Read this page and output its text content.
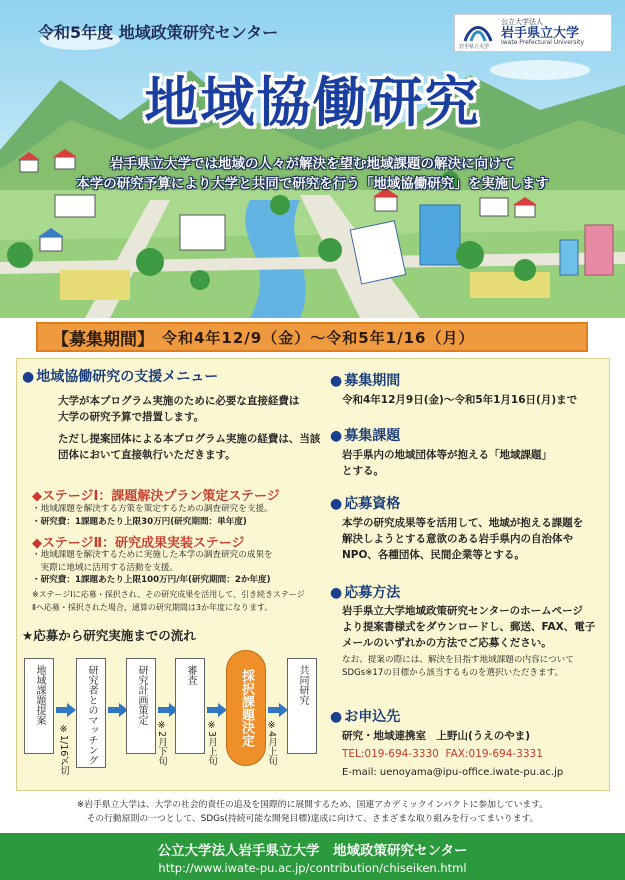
令和5年度 地域政策研究センター
岩手県立大学
公立大学法人
岩手県立大学
Iwate Prefectural University
地域協働研究
岩手県立大学では地域の人々が解決を望む地域課題の解決に向けて
本学の研究予算により大学と共同で研究を行う「地域協働研究」を実施します
【募集期間】 令和4年12/9（金）〜令和5年1/16（月）
● 地域協働研究の支援メニュー
大学が本プログラム実施のために必要な直接経費は
大学の研究予算で措置します。
ただし提案団体による本プログラム実施の経費は、当該
団体において直接執行いただきます。
◆ステージⅠ：課題解決プラン策定ステージ
・地域課題を解決する方策を策定するための調査研究を支援。
・研究費：1課題あたり上限30万円(研究期間：単年度)
◆ステージⅡ：研究成果実装ステージ
・地域課題を解決するために実施した本学の調査研究の成果を
　実際に地域に活用する活動を支援。
・研究費：1課題あたり上限100万円/年(研究期間：2か年度)
※ステージⅠに応募・採択され、その研究成果を活用して、引き続きステージ
Ⅱへ応募・採択された場合、通算の研究期間は3か年度になります。
★応募から研究実施までの流れ
地域課題提案	研究者とのマッチング
※1/16〆切
研究計画策定
※2月下旬
審査
※3月上旬 採択課題決定	共同研究
※4月上旬
● 募集期間
令和4年12月9日(金)〜令和5年1月16日(月)まで
● 募集課題
岩手県内の地域団体等が抱える「地域課題」
とする。
● 応募資格
本学の研究成果等を活用して、地域が抱える課題を
解決しようとする意欲のある岩手県内の自治体や
NPO、各種団体、民間企業等とする。
● 応募方法
岩手県立大学地域政策研究センターのホームページ
より提案書様式をダウンロードし、郵送、FAX、電子
メールのいずれかの方法でご応募ください。
なお、提案の際には、解決を目指す地域課題の内容について
SDGs※17の目標から該当するものを選択いただきます。
● お申込先
研究・地域連携室　上野山(うえのやま)
TEL:019-694-3330 FAX:019-694-3331
E-mail: uenoyama@ipu-office.iwate-pu.ac.jp
※岩手県立大学は、大学の社会的責任の追及を国際的に展開するため、国連アカデミックインパクトに参加しています。
その行動原則の一つとして、SDGs(持続可能な開発目標)達成に向けて、さまざまな取り組みを行ってまいります。
公立大学法人岩手県立大学　地域政策研究センター
http://www.iwate-pu.ac.jp/contribution/chiseiken.html
